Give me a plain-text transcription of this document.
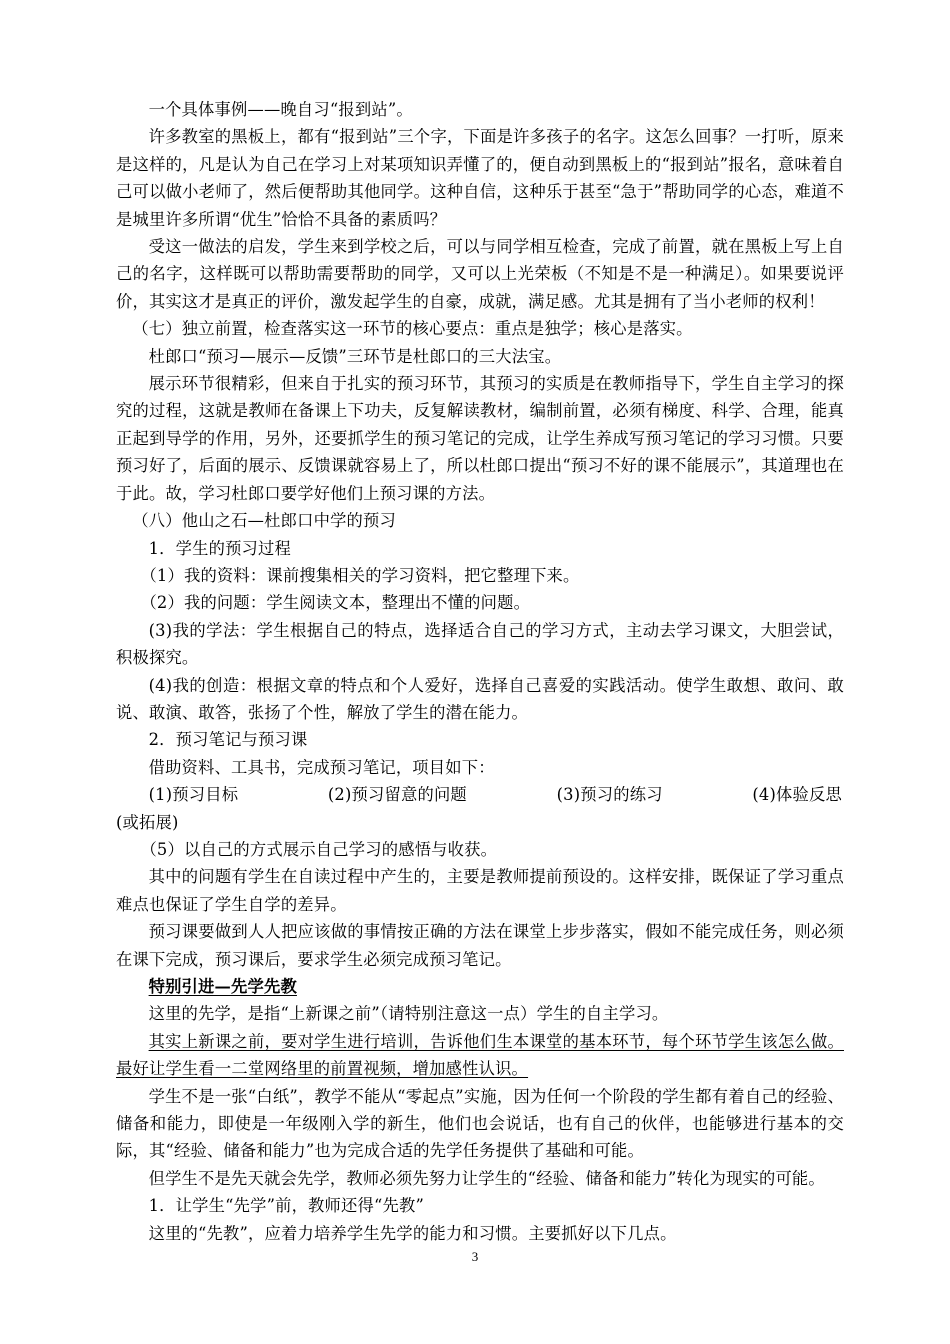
一个具体事例——晚自习“报到站”。

许多教室的黑板上，都有“报到站”三个字，下面是许多孩子的名字。这怎么回事？一打听，原来是这样的，凡是认为自己在学习上对某项知识弄懂了的，便自动到黑板上的“报到站”报名，意味着自己可以做小老师了，然后便帮助其他同学。这种自信，这种乐于甚至“急于”帮助同学的心态，难道不是城里许多所谓“优生”恰恰不具备的素质吗？

受这一做法的启发，学生来到学校之后，可以与同学相互检查，完成了前置，就在黑板上写上自己的名字，这样既可以帮助需要帮助的同学，又可以上光荣板（不知是不是一种满足）。如果要说评价，其实这才是真正的评价，激发起学生的自豪，成就，满足感。尤其是拥有了当小老师的权利！

（七）独立前置，检查落实这一环节的核心要点：重点是独学；核心是落实。

杜郎口“预习—展示—反馈”三环节是杜郎口的三大法宝。

展示环节很精彩，但来自于扎实的预习环节，其预习的实质是在教师指导下，学生自主学习的探究的过程，这就是教师在备课上下功夫，反复解读教材，编制前置，必须有梯度、科学、合理，能真正起到导学的作用，另外，还要抓学生的预习笔记的完成，让学生养成写预习笔记的学习习惯。只要预习好了，后面的展示、反馈课就容易上了，所以杜郎口提出“预习不好的课不能展示”，其道理也在于此。故，学习杜郎口要学好他们上预习课的方法。

（八）他山之石—杜郎口中学的预习

1．学生的预习过程

（1）我的资料：课前搜集相关的学习资料，把它整理下来。

（2）我的问题：学生阅读文本，整理出不懂的问题。

(3)我的学法：学生根据自己的特点，选择适合自己的学习方式，主动去学习课文，大胆尝试，积极探究。

(4)我的创造：根据文章的特点和个人爱好，选择自己喜爱的实践活动。使学生敢想、敢问、敢说、敢演、敢答，张扬了个性，解放了学生的潜在能力。

2．预习笔记与预习课

借助资料、工具书，完成预习笔记，项目如下：

(1)预习目标	(2)预习留意的问题	(3)预习的练习	(4)体验反思

(或拓展)

（5）以自己的方式展示自己学习的感悟与收获。

其中的问题有学生在自读过程中产生的，主要是教师提前预设的。这样安排，既保证了学习重点难点也保证了学生自学的差异。

预习课要做到人人把应该做的事情按正确的方法在课堂上步步落实，假如不能完成任务，则必须在课下完成，预习课后，要求学生必须完成预习笔记。

特别引进—先学先教

这里的先学，是指“上新课之前”（请特别注意这一点）学生的自主学习。

其实上新课之前，要对学生进行培训，告诉他们生本课堂的基本环节，每个环节学生该怎么做。最好让学生看一二堂网络里的前置视频，增加感性认识。

学生不是一张“白纸”，教学不能从“零起点”实施，因为任何一个阶段的学生都有着自己的经验、储备和能力，即使是一年级刚入学的新生，他们也会说话，也有自己的伙伴，也能够进行基本的交际，其“经验、储备和能力”也为完成合适的先学任务提供了基础和可能。

但学生不是先天就会先学，教师必须先努力让学生的“经验、储备和能力”转化为现实的可能。

1．让学生“先学”前，教师还得“先教”

这里的“先教”，应着力培养学生先学的能力和习惯。主要抓好以下几点。

3
